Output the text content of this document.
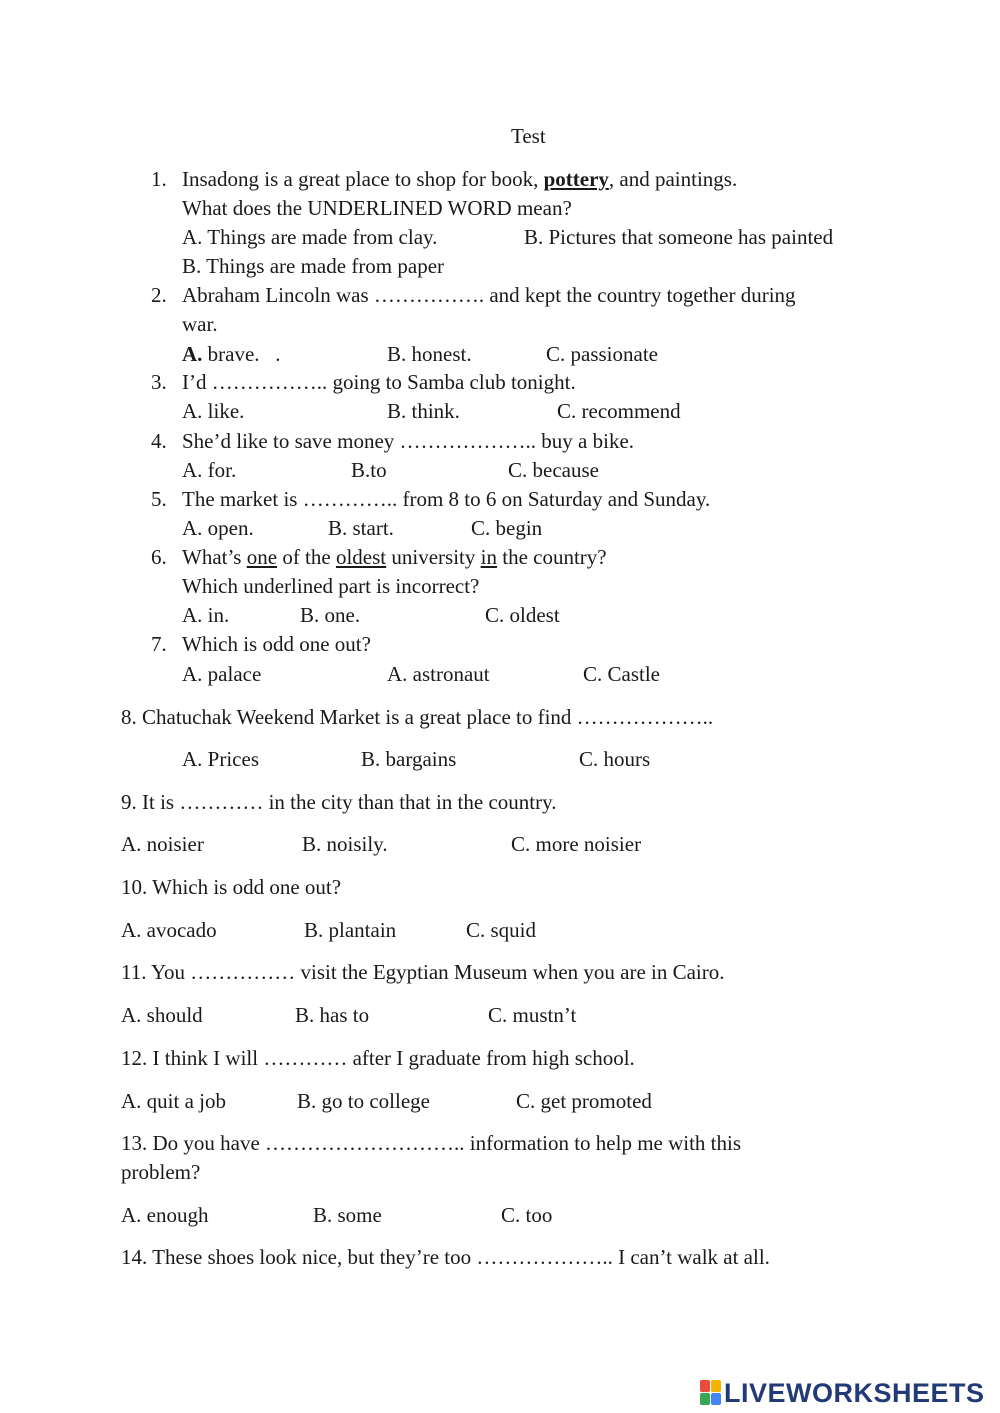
Test
1. Insadong is a great place to shop for book, pottery, and paintings.
What does the UNDERLINED WORD mean?
A. Things are made from clay.	B. Pictures that someone has painted
B. Things are made from paper
2. Abraham Lincoln was ……………. and kept the country together during
war.
A. brave.   .	B. honest.	C. passionate
3. I’d …………….. going to Samba club tonight.
A. like.	B. think.	C. recommend
4. She’d like to save money ……………….. buy a bike.
A. for.	B.to	C. because
5. The market is ………….. from 8 to 6 on Saturday and Sunday.
A. open.	B. start.	C. begin
6. What’s one of the oldest university in the country?
Which underlined part is incorrect?
A. in.	B. one.	C. oldest
7. Which is odd one out?
A. palace	A. astronaut	C. Castle
8. Chatuchak Weekend Market is a great place to find ………………..
A. Prices	B. bargains	C. hours
9. It is ………… in the city than that in the country.
A. noisier	B. noisily.	C. more noisier
10. Which is odd one out?
A. avocado	B. plantain	C. squid
11. You …………… visit the Egyptian Museum when you are in Cairo.
A. should	B. has to	C. mustn’t
12. I think I will ………… after I graduate from high school.
A. quit a job	B. go to college	C. get promoted
13. Do you have ……………………….. information to help me with this
problem?
A. enough	B. some	C. too
14. These shoes look nice, but they’re too ……………….. I can’t walk at all.
LIVEWORKSHEETS
